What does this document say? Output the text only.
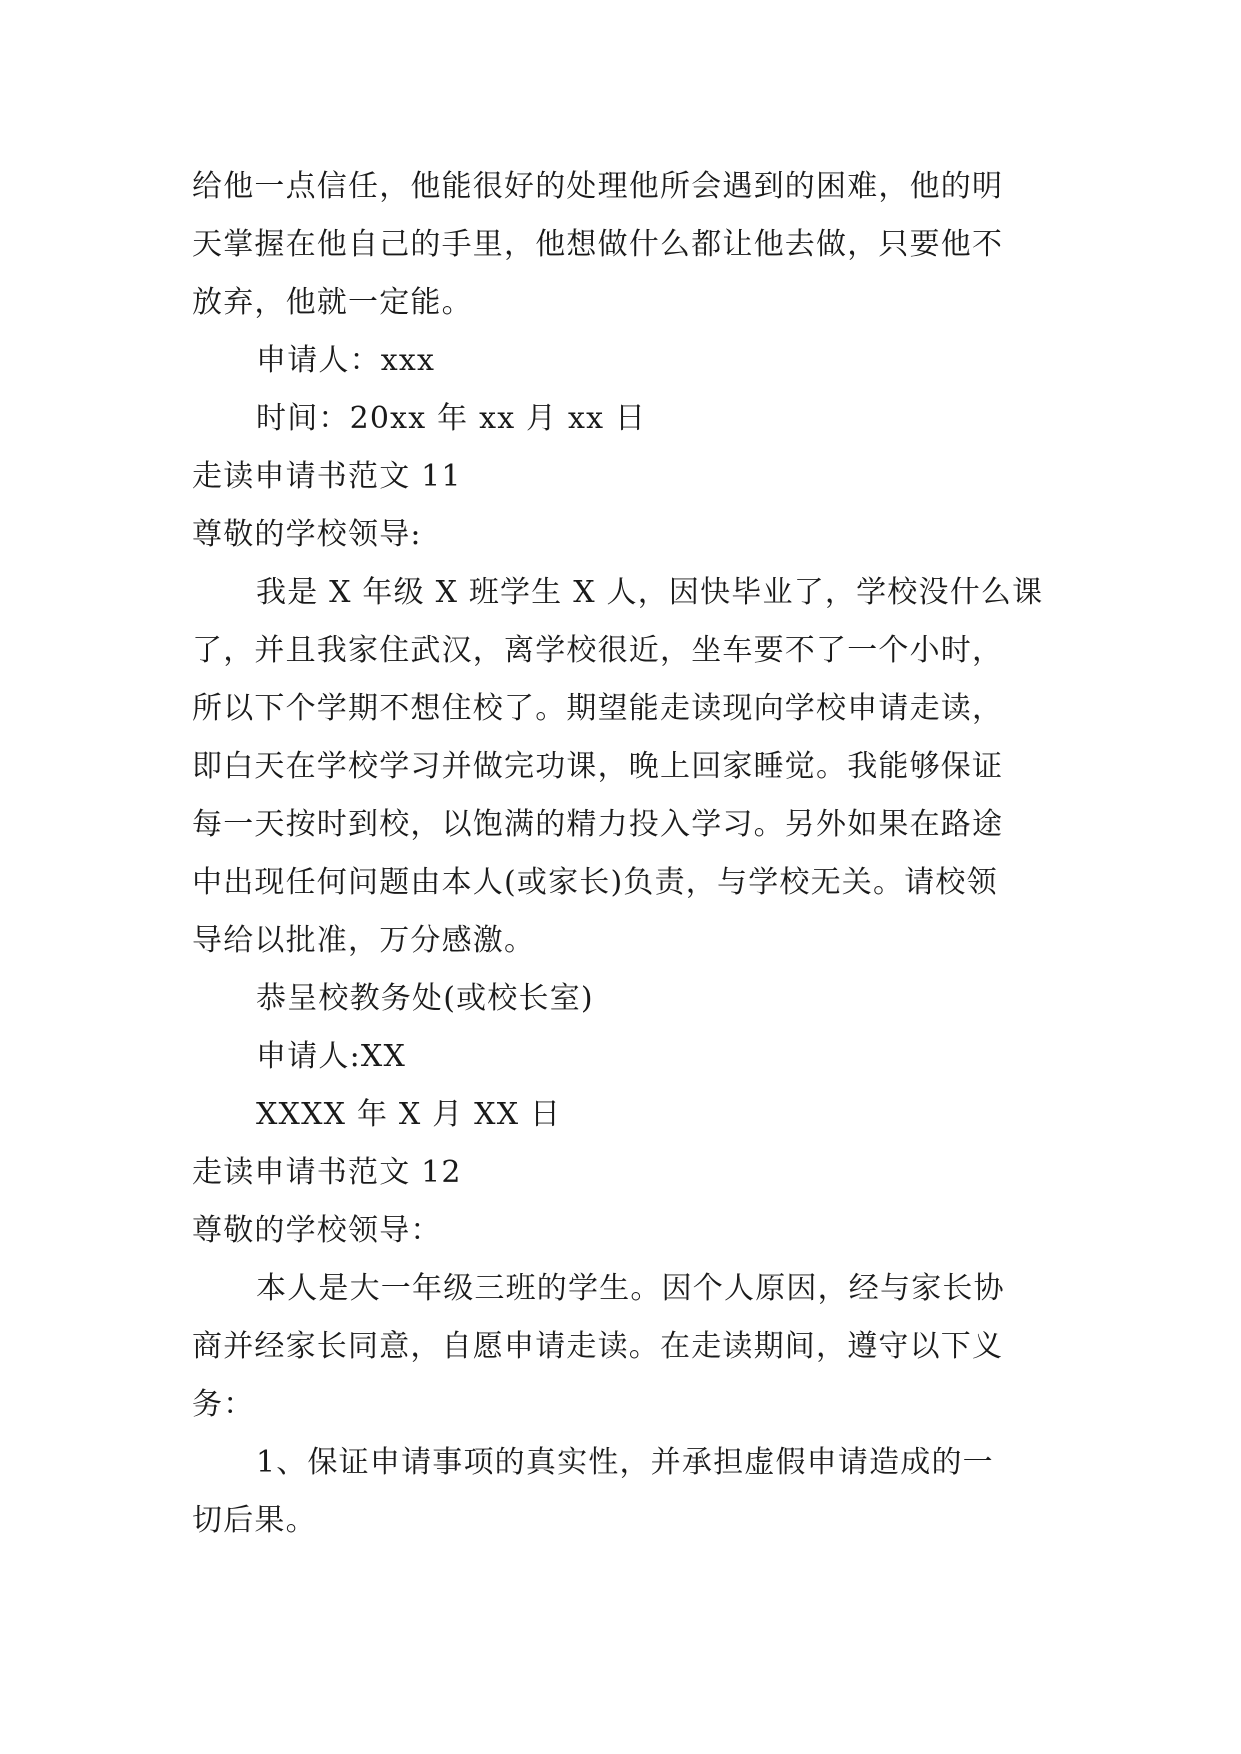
给他一点信任，他能很好的处理他所会遇到的困难，他的明
天掌握在他自己的手里，他想做什么都让他去做，只要他不
放弃，他就一定能。
申请人：xxx
时间：20xx 年 xx 月 xx 日
走读申请书范文 11
尊敬的学校领导:
我是 X 年级 X 班学生 X 人，因快毕业了，学校没什么课
了，并且我家住武汉，离学校很近，坐车要不了一个小时，
所以下个学期不想住校了。期望能走读现向学校申请走读，
即白天在学校学习并做完功课，晚上回家睡觉。我能够保证
每一天按时到校，以饱满的精力投入学习。另外如果在路途
中出现任何问题由本人(或家长)负责，与学校无关。请校领
导给以批准，万分感激。
恭呈校教务处(或校长室)
申请人:XX
XXXX 年 X 月 XX 日
走读申请书范文 12
尊敬的学校领导：
本人是大一年级三班的学生。因个人原因，经与家长协
商并经家长同意，自愿申请走读。在走读期间，遵守以下义
务：
1、保证申请事项的真实性，并承担虚假申请造成的一
切后果。
